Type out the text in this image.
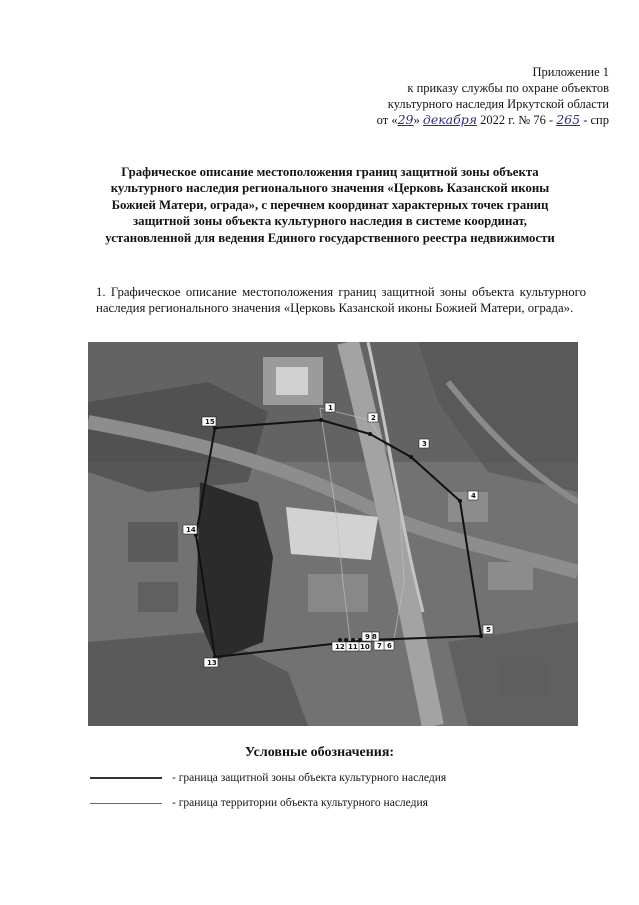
Приложение 1
к приказу службы по охране объектов
культурного наследия Иркутской области
от «29» декабря 2022 г. № 76 - 265 - спр
Графическое описание местоположения границ защитной зоны объекта культурного наследия регионального значения «Церковь Казанской иконы Божией Матери, ограда», с перечнем координат характерных точек границ защитной зоны объекта культурного наследия в системе координат, установленной для ведения Единого государственного реестра недвижимости
1. Графическое описание местоположения границ защитной зоны объекта культурного наследия регионального значения «Церковь Казанской иконы Божией Матери, ограда».
1
2
3
4
5
6
7
8
9
10
11
12
13
14
15
Условные обозначения:
- граница защитной зоны объекта культурного наследия
- граница территории объекта культурного наследия
